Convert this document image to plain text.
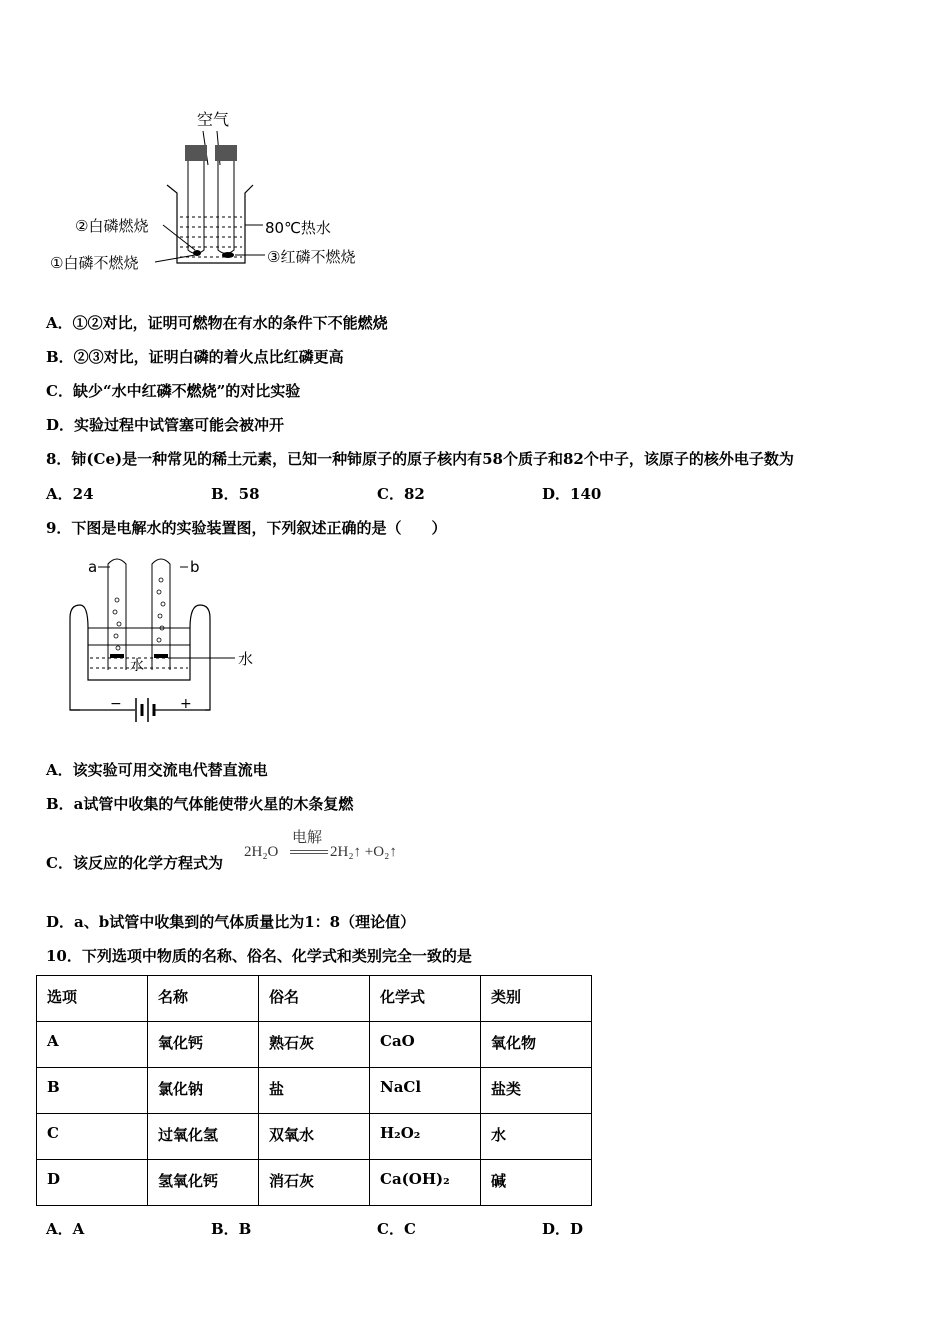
空气
②白磷燃烧
①白磷不燃烧
80℃热水
③红磷不燃烧
A．①②对比，证明可燃物在有水的条件下不能燃烧
B．②③对比，证明白磷的着火点比红磷更高
C．缺少“水中红磷不燃烧”的对比实验
D．实验过程中试管塞可能会被冲开
8．铈(Ce)是一种常见的稀土元素，已知一种铈原子的原子核内有58个质子和82个中子，该原子的核外电子数为
A．24	B．58	C．82	D．140
9．下图是电解水的实验装置图，下列叙述正确的是（　　）
a	b
水	水
−	+
A．该实验可用交流电代替直流电
B．a试管中收集的气体能使带火星的木条复燃
C．该反应的化学方程式为
电解
2H₂O	2H₂↑ +O₂↑
D．a、b试管中收集到的气体质量比为1：8（理论值）
10．下列选项中物质的名称、俗名、化学式和类别完全一致的是
选项	名称	俗名	化学式	类别
A	氧化钙	熟石灰	CaO	氧化物
B	氯化钠	盐	NaCl	盐类
C	过氧化氢	双氧水	H₂O₂	水
D	氢氧化钙	消石灰	Ca(OH)₂	碱
A．A	B．B	C．C	D．D
